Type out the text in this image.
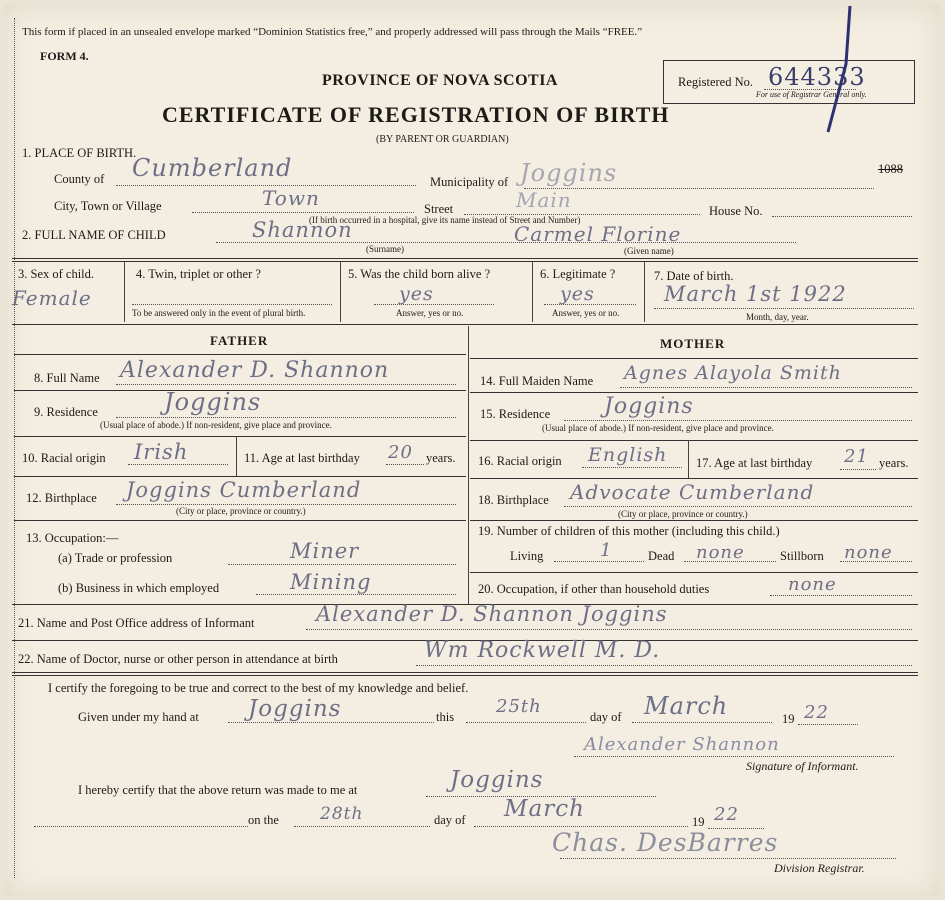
This form if placed in an unsealed envelope marked “Dominion Statistics free,” and properly addressed will pass through the Mails “FREE.”
FORM 4.
PROVINCE OF NOVA SCOTIA
CERTIFICATE OF REGISTRATION OF BIRTH
(BY PARENT OR GUARDIAN)
Registered No. 644333
For use of Registrar General only.
1088
1. PLACE OF BIRTH.
County of Cumberland	Municipality of Joggins
City, Town or Village	Town	Street	Main	House No.
(If birth occurred in a hospital, give its name instead of Street and Number)
2. FULL NAME OF CHILD	Shannon	Carmel Florine
(Surname)	(Given name)
3. Sex of child.
Female
4. Twin, triplet or other ?
To be answered only in the event of plural birth.
5. Was the child born alive ?
yes
Answer, yes or no.
6. Legitimate ?
yes
Answer, yes or no.
7. Date of birth.
March 1st 1922
Month, day, year.
FATHER	MOTHER
8. Full Name Alexander D. Shannon
9. Residence	Joggins
(Usual place of abode.) If non-resident, give place and province.
10. Racial origin Irish	11. Age at last birthday 20 years.
12. Birthplace Joggins Cumberland
(City or place, province or country.)
13. Occupation:—
(a) Trade or profession	Miner
(b) Business in which employed	Mining
14. Full Maiden Name Agnes Alayola Smith
15. Residence Joggins
(Usual place of abode.) If non-resident, give place and province.
16. Racial origin English 17. Age at last birthday 21 years.
18. Birthplace Advocate Cumberland
(City or place, province or country.)
19. Number of children of this mother (including this child.)
Living	1	Dead none	Stillborn none
20. Occupation, if other than household duties	none
21. Name and Post Office address of Informant	Alexander D. Shannon Joggins
22. Name of Doctor, nurse or other person in attendance at birth	Wm Rockwell M. D.
I certify the foregoing to be true and correct to the best of my knowledge and belief.
Given under my hand at Joggins	this 25th	day of March	19 22
Alexander Shannon
Signature of Informant.
I hereby certify that the above return was made to me at	Joggins
on the 28th	day of March	19 22
Chas. DesBarres
Division Registrar.
